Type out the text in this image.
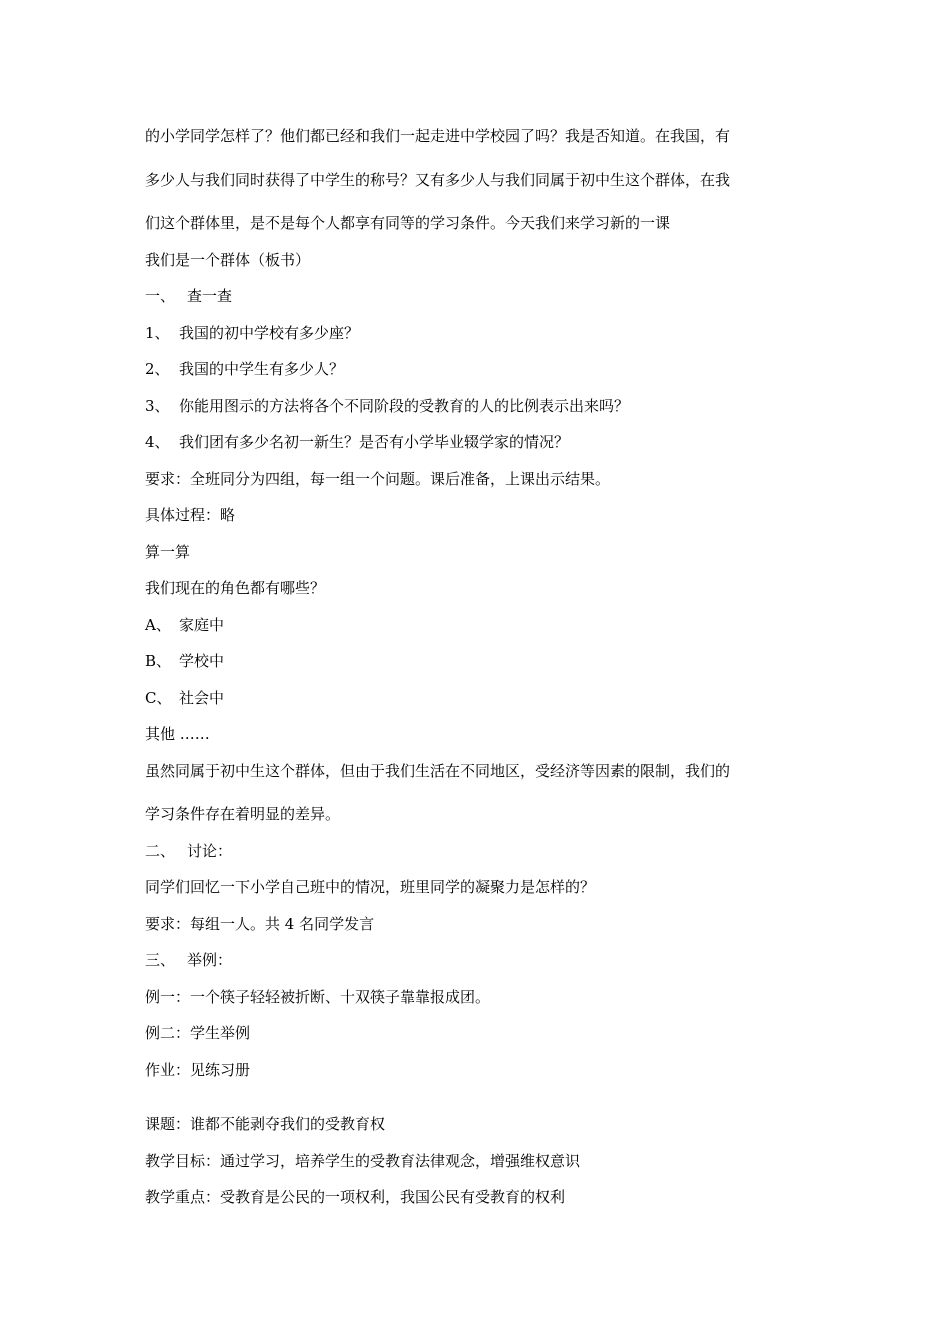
的小学同学怎样了？他们都已经和我们一起走进中学校园了吗？我是否知道。在我国，有

多少人与我们同时获得了中学生的称号？又有多少人与我们同属于初中生这个群体，在我

们这个群体里，是不是每个人都享有同等的学习条件。今天我们来学习新的一课

我们是一个群体（板书）

一、 查一查

1、 我国的初中学校有多少座？

2、 我国的中学生有多少人？

3、 你能用图示的方法将各个不同阶段的受教育的人的比例表示出来吗？

4、 我们团有多少名初一新生？是否有小学毕业辍学家的情况？

要求：全班同分为四组，每一组一个问题。课后准备，上课出示结果。

具体过程：略

算一算

我们现在的角色都有哪些？

A、 家庭中

B、 学校中

C、 社会中

其他 ……

虽然同属于初中生这个群体，但由于我们生活在不同地区，受经济等因素的限制，我们的

学习条件存在着明显的差异。

二、 讨论：

同学们回忆一下小学自己班中的情况，班里同学的凝聚力是怎样的？

要求：每组一人。共 4 名同学发言

三、 举例：

例一：一个筷子轻轻被折断、十双筷子靠靠报成团。

例二：学生举例

作业：见练习册

课题：谁都不能剥夺我们的受教育权

教学目标：通过学习，培养学生的受教育法律观念，增强维权意识

教学重点：受教育是公民的一项权利，我国公民有受教育的权利
